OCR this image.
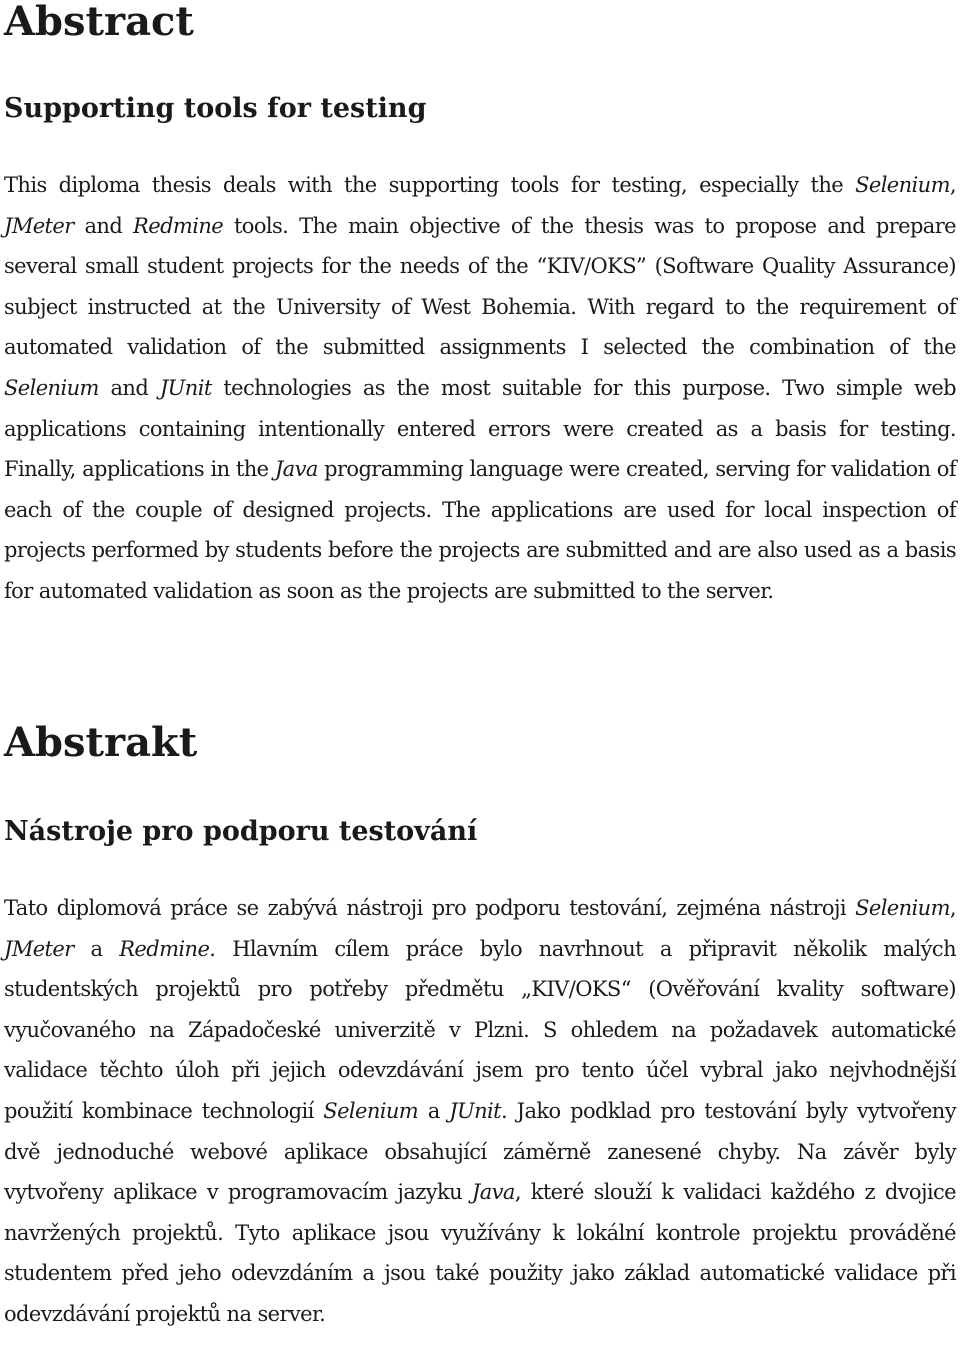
Abstract
Supporting tools for testing

This diploma thesis deals with the supporting tools for testing, especially the Selenium, JMeter and Redmine tools. The main objective of the thesis was to propose and prepare several small student projects for the needs of the “KIV/OKS” (Software Quality Assurance) subject instructed at the University of West Bohemia. With regard to the requirement of automated validation of the submitted assignments I selected the combination of the Selenium and JUnit technologies as the most suitable for this purpose. Two simple web applications containing intentionally entered errors were created as a basis for testing. Finally, applications in the Java programming language were created, serving for validation of each of the couple of designed projects. The applications are used for local inspection of projects performed by students before the projects are submitted and are also used as a basis for automated validation as soon as the projects are submitted to the server.

Abstrakt
Nástroje pro podporu testování

Tato diplomová práce se zabývá nástroji pro podporu testování, zejména nástroji Selenium, JMeter a Redmine. Hlavním cílem práce bylo navrhnout a připravit několik malých studentských projektů pro potřeby předmětu „KIV/OKS“ (Ověřování kvality software) vyučovaného na Západočeské univerzitě v Plzni. S ohledem na požadavek automatické validace těchto úloh při jejich odevzdávání jsem pro tento účel vybral jako nejvhodnější použití kombinace technologií Selenium a JUnit. Jako podklad pro testování byly vytvořeny dvě jednoduché webové aplikace obsahující záměrně zanesené chyby. Na závěr byly vytvořeny aplikace v programovacím jazyku Java, které slouží k validaci každého z dvojice navržených projektů. Tyto aplikace jsou využívány k lokální kontrole projektu prováděné studentem před jeho odevzdáním a jsou také použity jako základ automatické validace při odevzdávání projektů na server.
